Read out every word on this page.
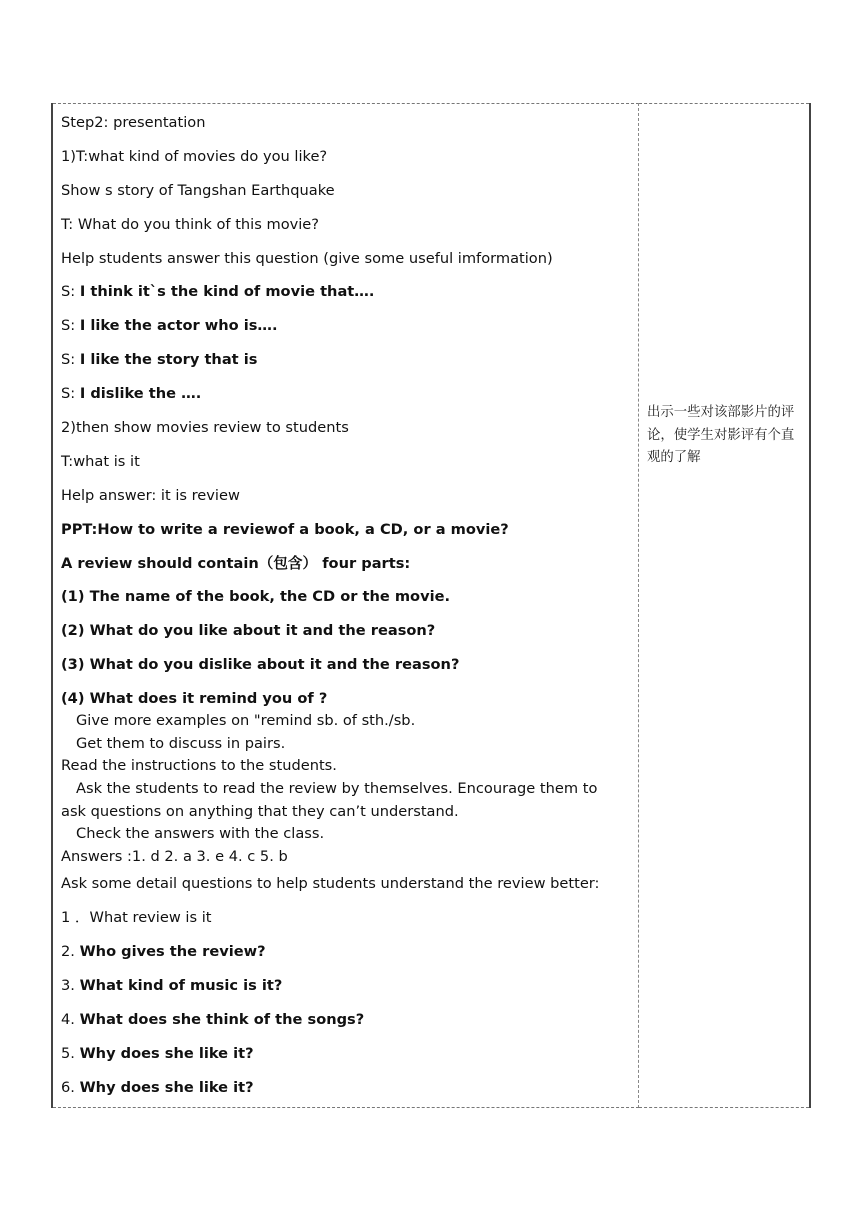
Step2: presentation
1)T:what kind of movies do you like?
Show s story of Tangshan Earthquake
T: What do you think of this movie?
Help students answer this question (give some useful imformation)
S: I think it`s the kind of movie that….
S: I like the actor who is….
S: I like the story that is
S: I dislike the ….
2)then show movies review to students
T:what is it
Help answer: it is review
PPT:How to write a reviewof a book, a CD, or a movie?
A review should contain（包含） four parts:
(1) The name of the book, the CD or the movie.
(2) What do you like about it and the reason?
(3) What do you dislike about it and the reason?
(4) What does it remind you of ?
Give more examples on "remind sb. of sth./sb.
Get them to discuss in pairs.
Read the instructions to the students.
Ask the students to read the review by themselves. Encourage them to
ask questions on anything that they can’t understand.
Check the answers with the class.
Answers :1. d 2. a 3. e 4. c 5. b
Ask some detail questions to help students understand the review better:
1 ．What review is it
2. Who gives the review?
3. What kind of music is it?
4. What does she think of the songs?
5. Why does she like it?
6. Why does she like it?

出示一些对该部影片的评论，使学生对影评有个直观的了解
